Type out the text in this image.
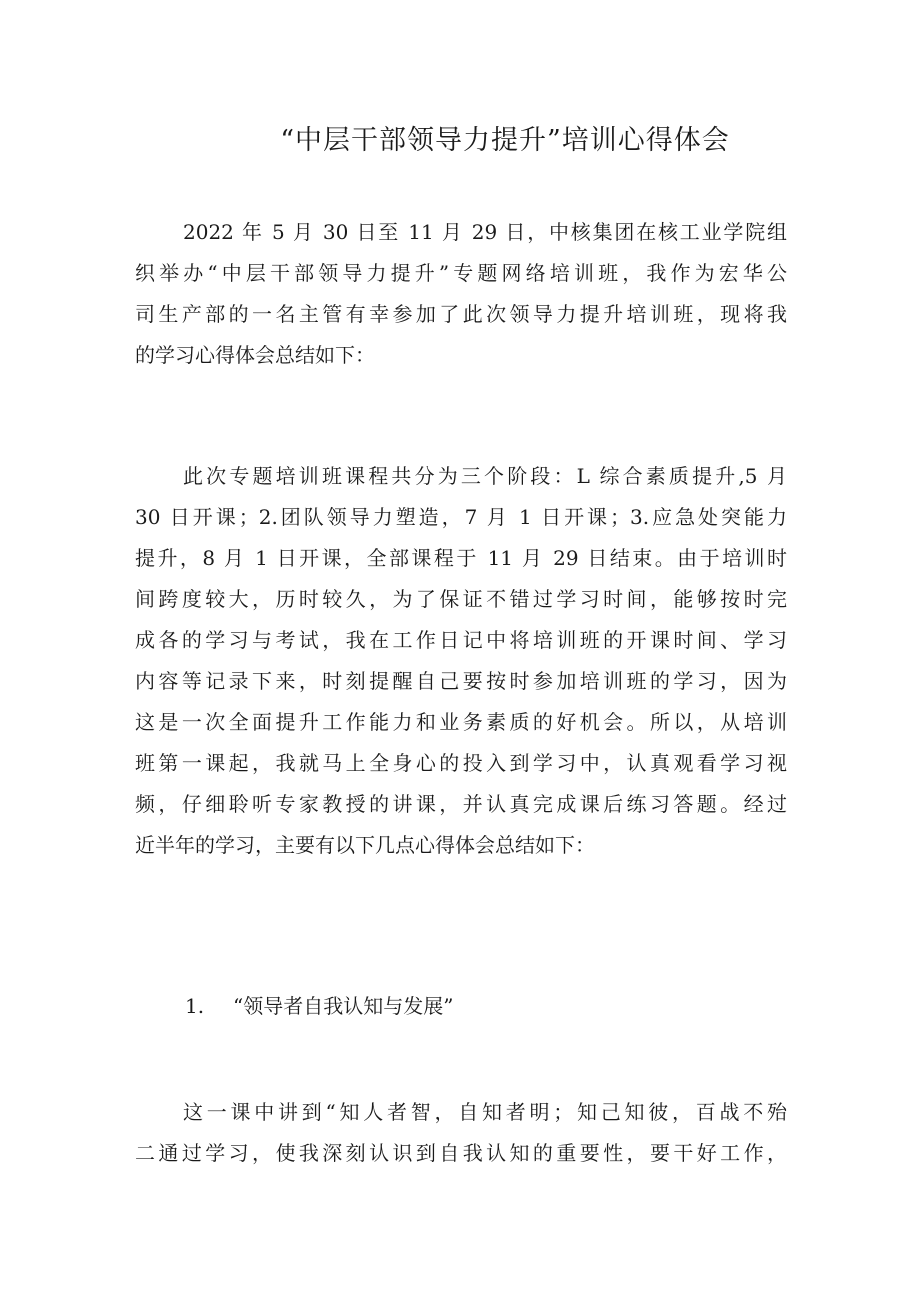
“中层干部领导力提升”培训心得体会
2022 年 5 月 30 日至 11 月 29 日，中核集团在核工业学院组
织举办“中层干部领导力提升”专题网络培训班，我作为宏华公
司生产部的一名主管有幸参加了此次领导力提升培训班，现将我
的学习心得体会总结如下：
此次专题培训班课程共分为三个阶段：L 综合素质提升,5 月
30 日开课；2.团队领导力塑造，7 月 1 日开课；3.应急处突能力
提升，8 月 1 日开课，全部课程于 11 月 29 日结束。由于培训时
间跨度较大，历时较久，为了保证不错过学习时间，能够按时完
成各的学习与考试，我在工作日记中将培训班的开课时间、学习
内容等记录下来，时刻提醒自己要按时参加培训班的学习，因为
这是一次全面提升工作能力和业务素质的好机会。所以，从培训
班第一课起，我就马上全身心的投入到学习中，认真观看学习视
频，仔细聆听专家教授的讲课，并认真完成课后练习答题。经过
近半年的学习，主要有以下几点心得体会总结如下：
1. “领导者自我认知与发展”
这一课中讲到“知人者智，自知者明；知己知彼，百战不殆
二通过学习，使我深刻认识到自我认知的重要性，要干好工作，
